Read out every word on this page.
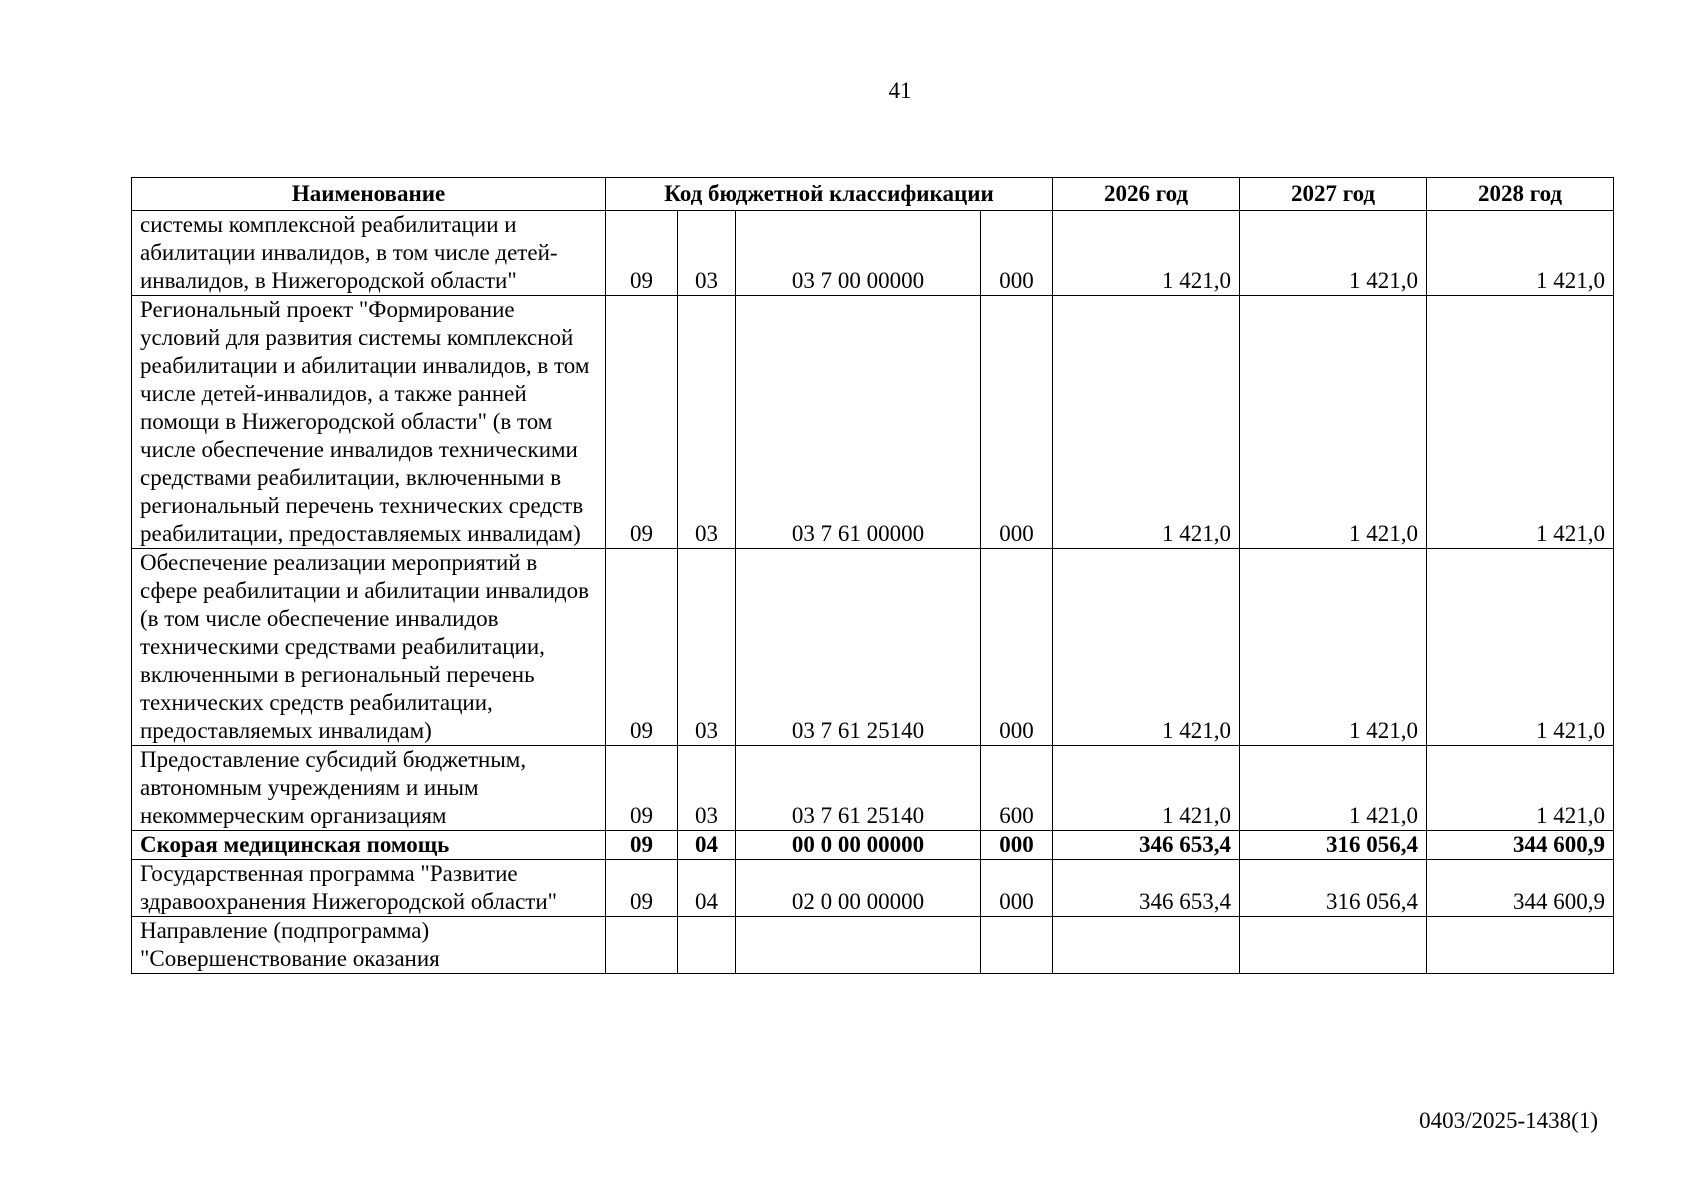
41
Наименование	Код бюджетной классификации				2026 год	2027 год	2028 год
системы комплексной реабилитации и абилитации инвалидов, в том числе детей-инвалидов, в Нижегородской области"	09	03	03 7 00 00000	000	1 421,0	1 421,0	1 421,0
Региональный проект "Формирование условий для развития системы комплексной реабилитации и абилитации инвалидов, в том числе детей-инвалидов, а также ранней помощи в Нижегородской области" (в том числе обеспечение инвалидов техническими средствами реабилитации, включенными в региональный перечень технических средств реабилитации, предоставляемых инвалидам)	09	03	03 7 61 00000	000	1 421,0	1 421,0	1 421,0
Обеспечение реализации мероприятий в сфере реабилитации и абилитации инвалидов (в том числе обеспечение инвалидов техническими средствами реабилитации, включенными в региональный перечень технических средств реабилитации, предоставляемых инвалидам)	09	03	03 7 61 25140	000	1 421,0	1 421,0	1 421,0
Предоставление субсидий бюджетным, автономным учреждениям и иным некоммерческим организациям	09	03	03 7 61 25140	600	1 421,0	1 421,0	1 421,0
Скорая медицинская помощь	09	04	00 0 00 00000	000	346 653,4	316 056,4	344 600,9
Государственная программа "Развитие здравоохранения Нижегородской области"	09	04	02 0 00 00000	000	346 653,4	316 056,4	344 600,9
Направление (подпрограмма) "Совершенствование оказания							
0403/2025-1438(1)
